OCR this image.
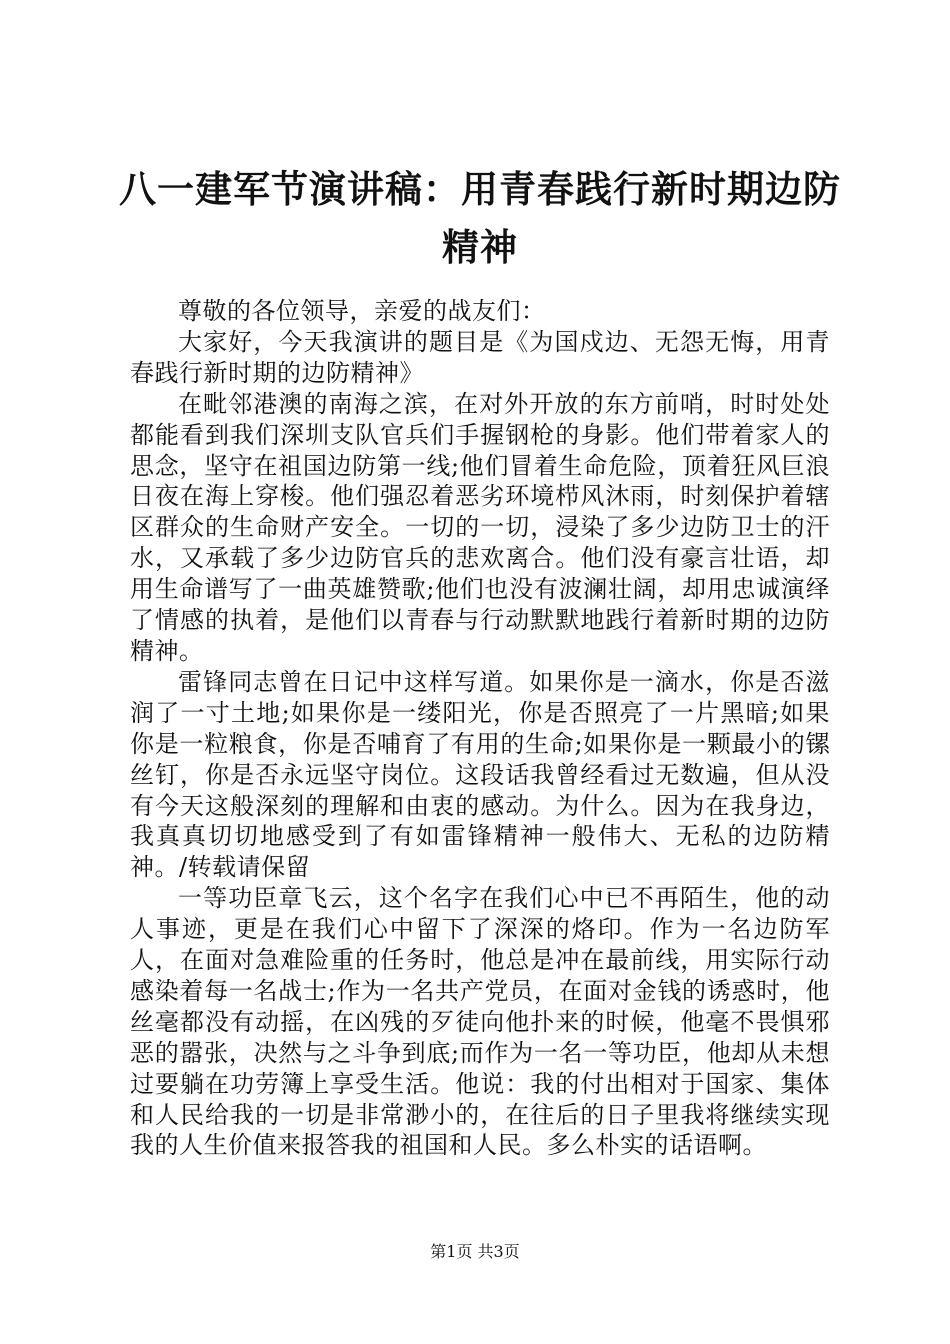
八一建军节演讲稿：用青春践行新时期边防精神

尊敬的各位领导，亲爱的战友们：

大家好，今天我演讲的题目是《为国戍边、无怨无悔，用青春践行新时期的边防精神》

在毗邻港澳的南海之滨，在对外开放的东方前哨，时时处处都能看到我们深圳支队官兵们手握钢枪的身影。他们带着家人的思念，坚守在祖国边防第一线;他们冒着生命危险，顶着狂风巨浪日夜在海上穿梭。他们强忍着恶劣环境栉风沐雨，时刻保护着辖区群众的生命财产安全。一切的一切，浸染了多少边防卫士的汗水，又承载了多少边防官兵的悲欢离合。他们没有豪言壮语，却用生命谱写了一曲英雄赞歌;他们也没有波澜壮阔，却用忠诚演绎了情感的执着，是他们以青春与行动默默地践行着新时期的边防精神。

雷锋同志曾在日记中这样写道。如果你是一滴水，你是否滋润了一寸土地;如果你是一缕阳光，你是否照亮了一片黑暗;如果你是一粒粮食，你是否哺育了有用的生命;如果你是一颗最小的镙丝钉，你是否永远坚守岗位。这段话我曾经看过无数遍，但从没有今天这般深刻的理解和由衷的感动。为什么。因为在我身边，我真真切切地感受到了有如雷锋精神一般伟大、无私的边防精神。/转载请保留

一等功臣章飞云，这个名字在我们心中已不再陌生，他的动人事迹，更是在我们心中留下了深深的烙印。作为一名边防军人，在面对急难险重的任务时，他总是冲在最前线，用实际行动感染着每一名战士;作为一名共产党员，在面对金钱的诱惑时，他丝毫都没有动摇，在凶残的歹徒向他扑来的时候，他毫不畏惧邪恶的嚣张，决然与之斗争到底;而作为一名一等功臣，他却从未想过要躺在功劳簿上享受生活。他说：我的付出相对于国家、集体和人民给我的一切是非常渺小的，在往后的日子里我将继续实现我的人生价值来报答我的祖国和人民。多么朴实的话语啊。

第1页 共3页
